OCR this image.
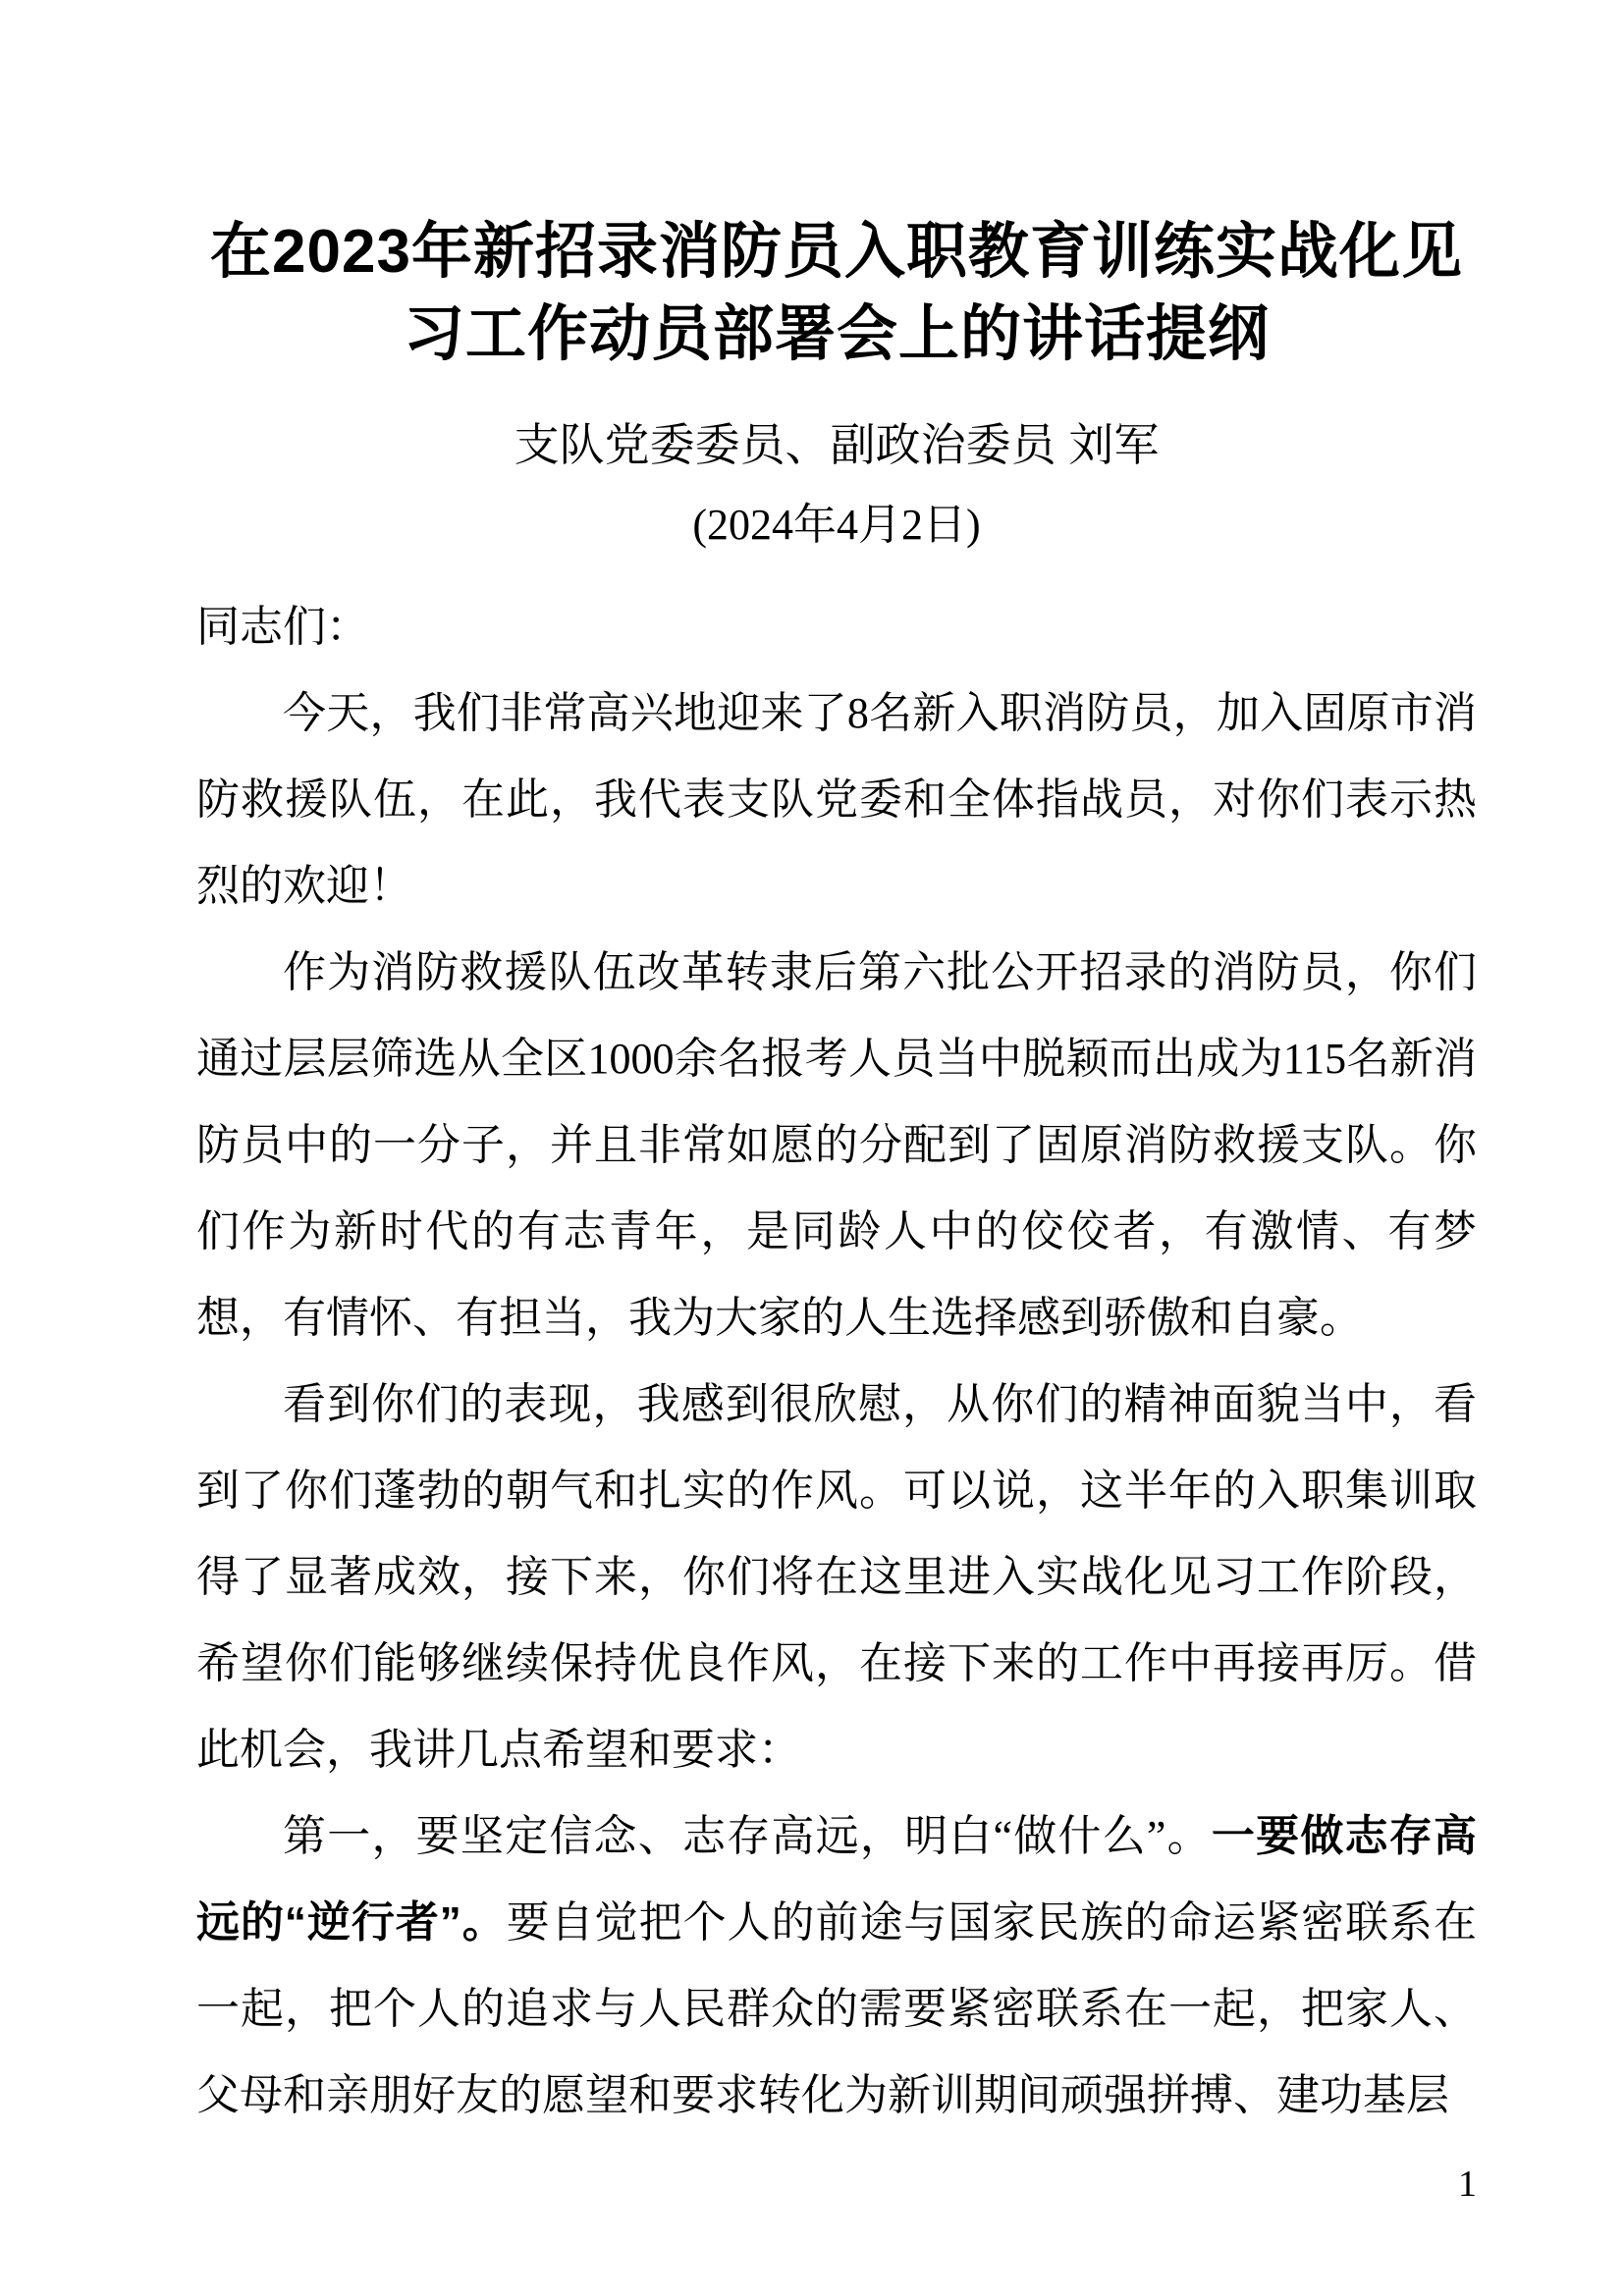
在2023年新招录消防员入职教育训练实战化见
习工作动员部署会上的讲话提纲
支队党委委员、副政治委员 刘军
(2024年4月2日)

同志们：

今天，我们非常高兴地迎来了8名新入职消防员，加入固原市消防救援队伍，在此，我代表支队党委和全体指战员，对你们表示热烈的欢迎！

作为消防救援队伍改革转隶后第六批公开招录的消防员，你们通过层层筛选从全区1000余名报考人员当中脱颖而出成为115名新消防员中的一分子，并且非常如愿的分配到了固原消防救援支队。你们作为新时代的有志青年，是同龄人中的佼佼者，有激情、有梦想，有情怀、有担当，我为大家的人生选择感到骄傲和自豪。

看到你们的表现，我感到很欣慰，从你们的精神面貌当中，看到了你们蓬勃的朝气和扎实的作风。可以说，这半年的入职集训取得了显著成效，接下来，你们将在这里进入实战化见习工作阶段，希望你们能够继续保持优良作风，在接下来的工作中再接再厉。借此机会，我讲几点希望和要求：

第一，要坚定信念、志存高远，明白“做什么”。一要做志存高远的“逆行者”。要自觉把个人的前途与国家民族的命运紧密联系在一起，把个人的追求与人民群众的需要紧密联系在一起，把家人、父母和亲朋好友的愿望和要求转化为新训期间顽强拼搏、建功基层

1
